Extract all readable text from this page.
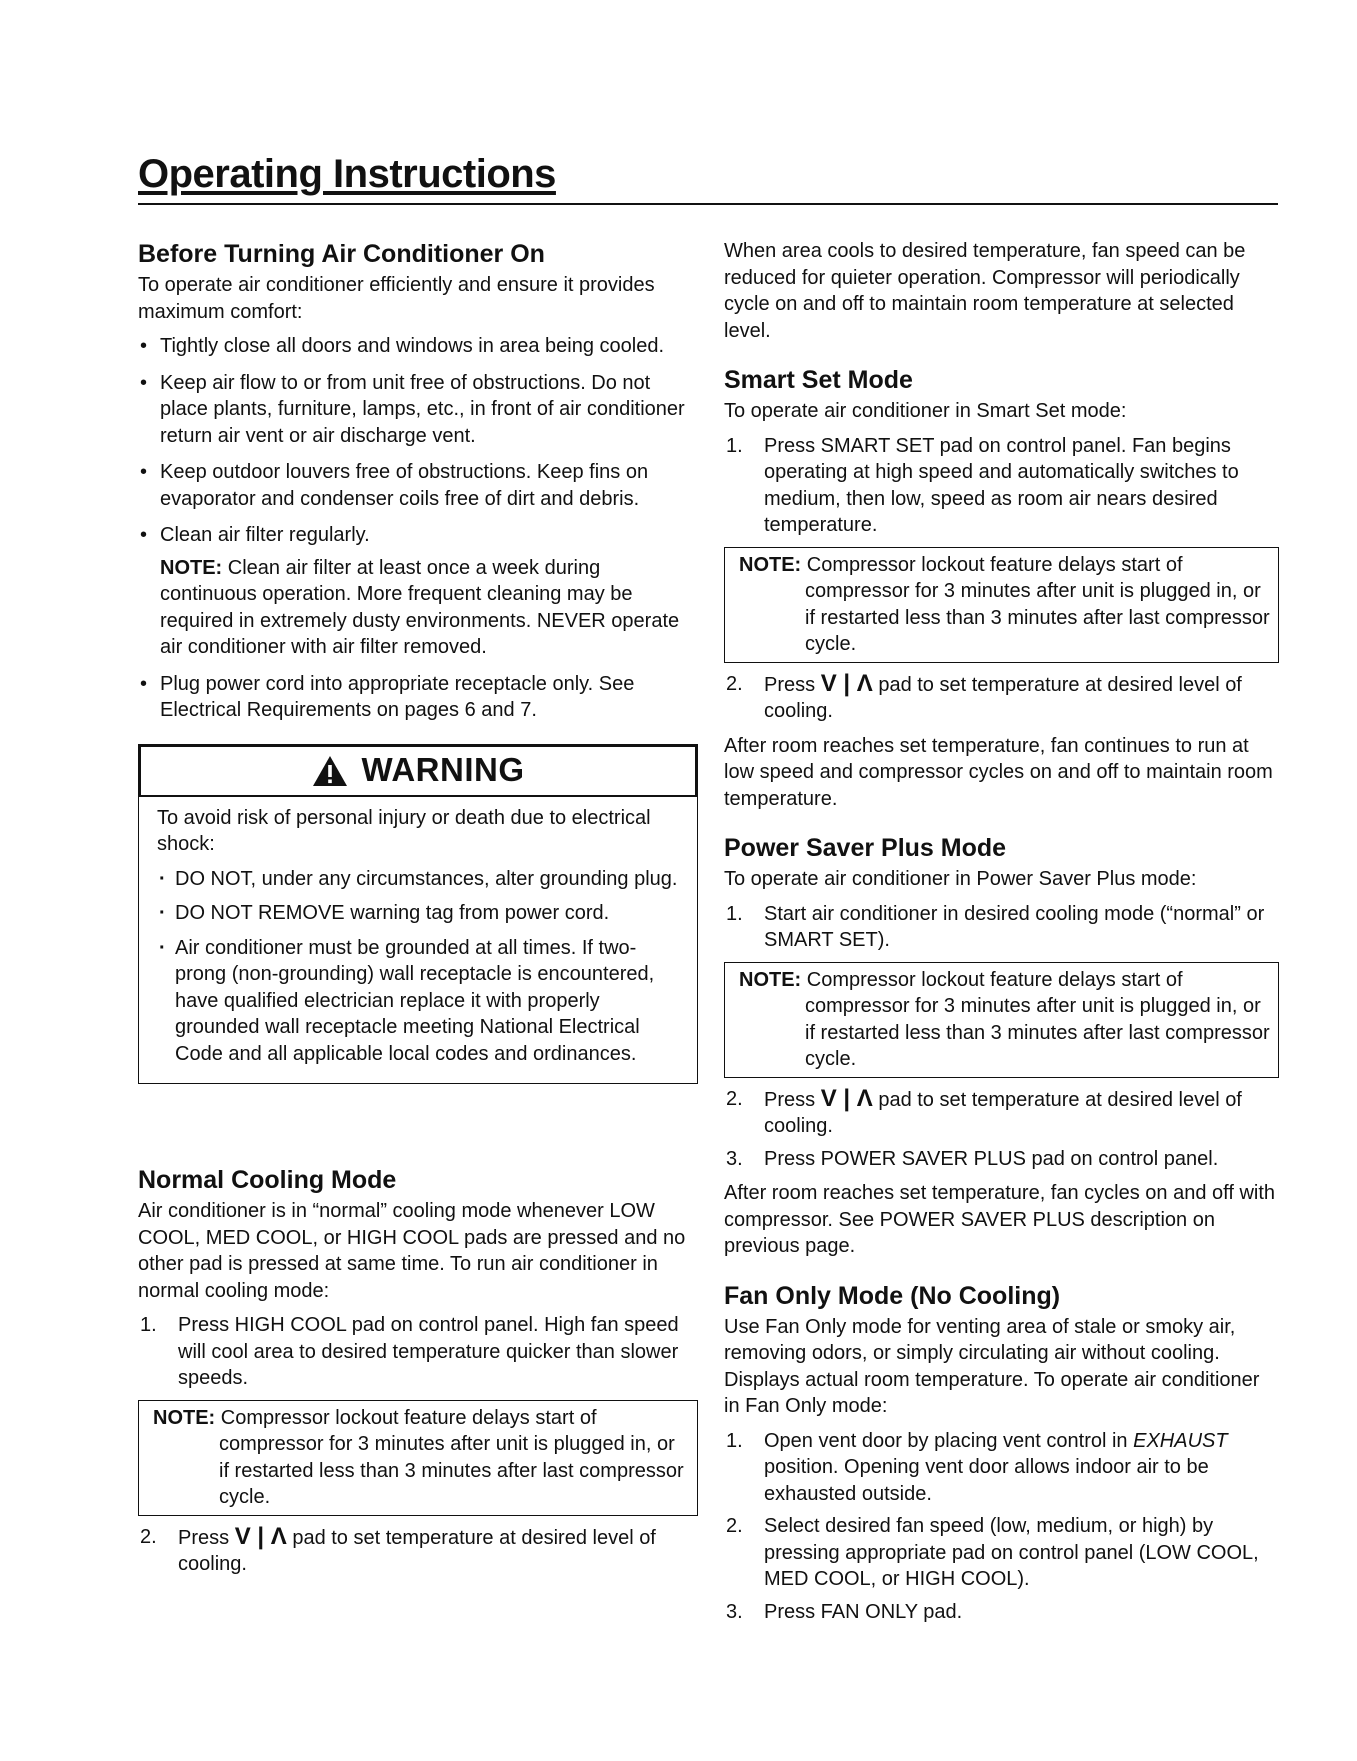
Operating Instructions
Before Turning Air Conditioner On

To operate air conditioner efficiently and ensure it provides maximum comfort:

• Tightly close all doors and windows in area being cooled.
• Keep air flow to or from unit free of obstructions. Do not place plants, furniture, lamps, etc., in front of air conditioner return air vent or air discharge vent.
• Keep outdoor louvers free of obstructions. Keep fins on evaporator and condenser coils free of dirt and debris.
• Clean air filter regularly.

NOTE: Clean air filter at least once a week during continuous operation. More frequent cleaning may be required in extremely dusty environments. NEVER operate air conditioner with air filter removed.

• Plug power cord into appropriate receptacle only. See Electrical Requirements on pages 6 and 7.
WARNING

To avoid risk of personal injury or death due to electrical shock:

· DO NOT, under any circumstances, alter grounding plug.
· DO NOT REMOVE warning tag from power cord.
· Air conditioner must be grounded at all times. If two-prong (non-grounding) wall receptacle is encountered, have qualified electrician replace it with properly grounded wall receptacle meeting National Electrical Code and all applicable local codes and ordinances.
Normal Cooling Mode

Air conditioner is in “normal” cooling mode whenever LOW COOL, MED COOL, or HIGH COOL pads are pressed and no other pad is pressed at same time. To run air conditioner in normal cooling mode:

1. Press HIGH COOL pad on control panel. High fan speed will cool area to desired temperature quicker than slower speeds.
NOTE: Compressor lockout feature delays start of
compressor for 3 minutes after unit is plugged in, or if restarted less than 3 minutes after last compressor cycle.
2. Press V | Λ pad to set temperature at desired level of cooling.

When area cools to desired temperature, fan speed can be reduced for quieter operation. Compressor will periodically cycle on and off to maintain room temperature at selected level.

Smart Set Mode

To operate air conditioner in Smart Set mode:

1. Press SMART SET pad on control panel. Fan begins operating at high speed and automatically switches to medium, then low, speed as room air nears desired temperature.
NOTE: Compressor lockout feature delays start of
compressor for 3 minutes after unit is plugged in, or if restarted less than 3 minutes after last compressor cycle.
2. Press V | Λ pad to set temperature at desired level of cooling.

After room reaches set temperature, fan continues to run at low speed and compressor cycles on and off to maintain room temperature.

Power Saver Plus Mode

To operate air conditioner in Power Saver Plus mode:

1. Start air conditioner in desired cooling mode (“normal” or SMART SET).
NOTE: Compressor lockout feature delays start of
compressor for 3 minutes after unit is plugged in, or if restarted less than 3 minutes after last compressor cycle.
2. Press V | Λ pad to set temperature at desired level of cooling.
3. Press POWER SAVER PLUS pad on control panel.

After room reaches set temperature, fan cycles on and off with compressor. See POWER SAVER PLUS description on previous page.

Fan Only Mode (No Cooling)

Use Fan Only mode for venting area of stale or smoky air, removing odors, or simply circulating air without cooling. Displays actual room temperature. To operate air conditioner in Fan Only mode:

1. Open vent door by placing vent control in EXHAUST position. Opening vent door allows indoor air to be exhausted outside.
2. Select desired fan speed (low, medium, or high) by pressing appropriate pad on control panel (LOW COOL, MED COOL, or HIGH COOL).
3. Press FAN ONLY pad.
